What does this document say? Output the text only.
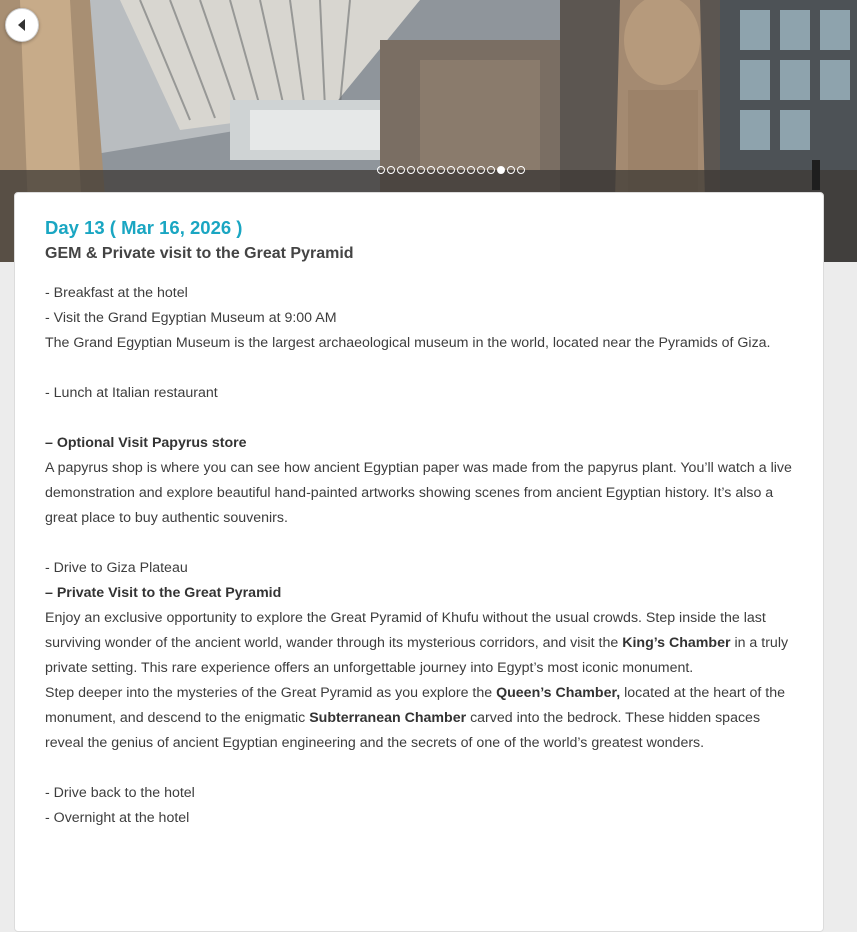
Day 13 ( Mar 16, 2026 )
GEM & Private visit to the Great Pyramid

- Breakfast at the hotel

- Visit the Grand Egyptian Museum at 9:00 AM

The Grand Egyptian Museum is the largest archaeological museum in the world, located near the Pyramids of Giza.

- Lunch at Italian restaurant

– Optional Visit Papyrus store

A papyrus shop is where you can see how ancient Egyptian paper was made from the papyrus plant. You’ll watch a live demonstration and explore beautiful hand-painted artworks showing scenes from ancient Egyptian history. It’s also a great place to buy authentic souvenirs.

- Drive to Giza Plateau

– Private Visit to the Great Pyramid

Enjoy an exclusive opportunity to explore the Great Pyramid of Khufu without the usual crowds. Step inside the last surviving wonder of the ancient world, wander through its mysterious corridors, and visit the King’s Chamber in a truly private setting. This rare experience offers an unforgettable journey into Egypt’s most iconic monument.

Step deeper into the mysteries of the Great Pyramid as you explore the Queen’s Chamber, located at the heart of the monument, and descend to the enigmatic Subterranean Chamber carved into the bedrock. These hidden spaces reveal the genius of ancient Egyptian engineering and the secrets of one of the world’s greatest wonders.

- Drive back to the hotel

- Overnight at the hotel
